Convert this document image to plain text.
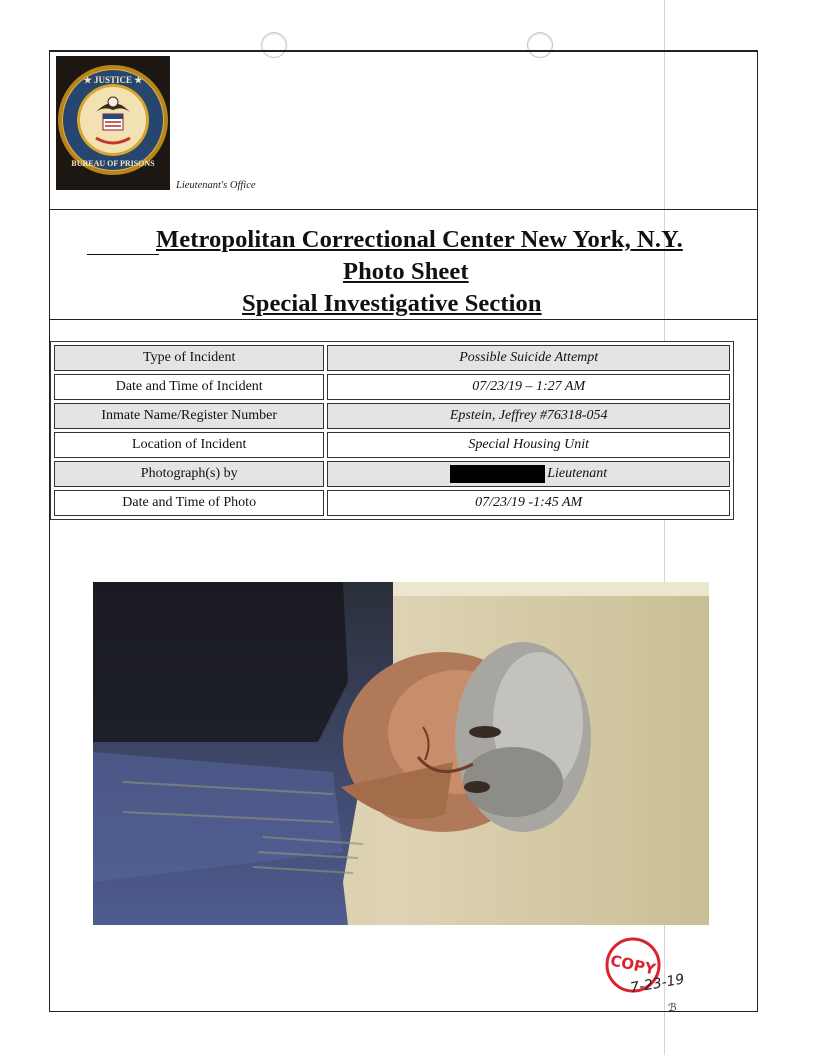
★ JUSTICE ★
BUREAU OF PRISONS
Lieutenant's Office
Metropolitan Correctional Center New York, N.Y.
Photo Sheet
Special Investigative Section
Type of Incident	Possible Suicide Attempt
Date and Time of Incident	07/23/19 – 1:27 AM
Inmate Name/Register Number	Epstein, Jeffrey #76318-054
Location of Incident	Special Housing Unit
Photograph(s) by	Lieutenant
Date and Time of Photo	07/23/19 -1:45 AM
COPY
7-23-19
ℬ
